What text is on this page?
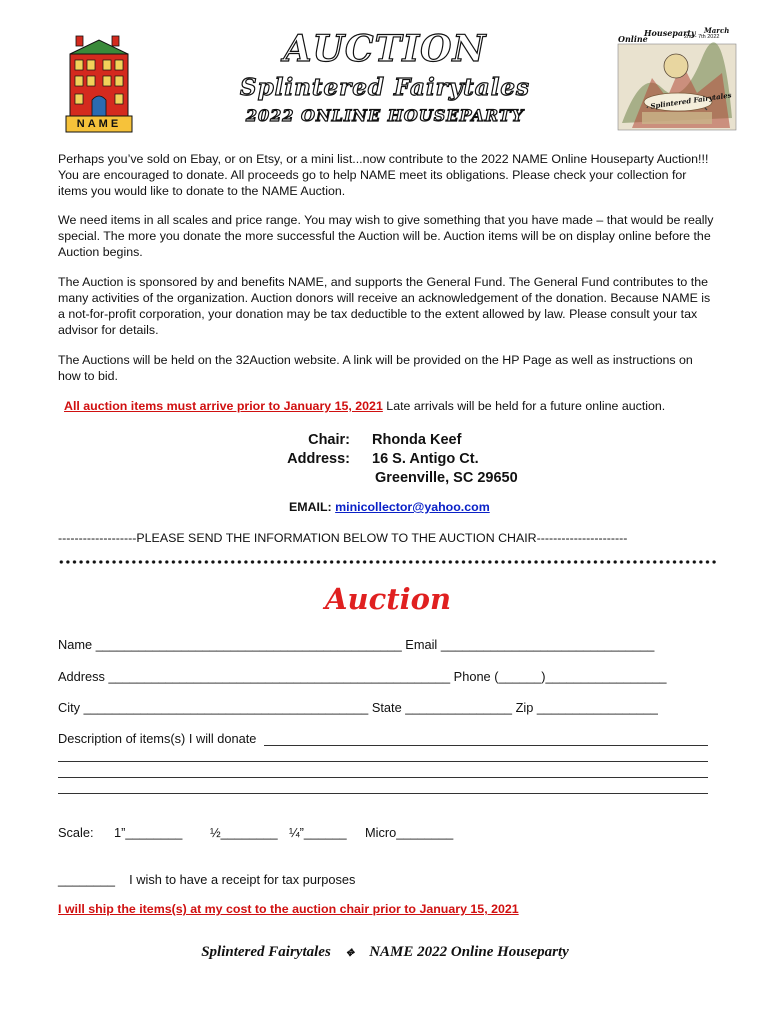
NAME
AUCTION
Splintered Fairytales
2022 ONLINE HOUSEPARTY
Online
Houseparty March
2nd - 7th 2022
Splintered Fairytales

Perhaps you’ve sold on Ebay, or on Etsy, or a mini list...now contribute to the 2022 NAME Online Houseparty Auction!!! You are encouraged to donate. All proceeds go to help NAME meet its obligations. Please check your collection for items you would like to donate to the NAME Auction.

We need items in all scales and price range. You may wish to give something that you have made – that would be really special. The more you donate the more successful the Auction will be. Auction items will be on display online before the Auction begins.

The Auction is sponsored by and benefits NAME, and supports the General Fund. The General Fund contributes to the many activities of the organization. Auction donors will receive an acknowledgement of the donation. Because NAME is a not-for-profit corporation, your donation may be tax deductible to the extent allowed by law. Please consult your tax advisor for details.

The Auctions will be held on the 32Auction website. A link will be provided on the HP Page as well as instructions on how to bid.

All auction items must arrive prior to January 15, 2021 Late arrivals will be held for a future online auction.
Chair:
Address:
Rhonda Keef
16 S. Antigo Ct.
Greenville, SC 29650
EMAIL: minicollector@yahoo.com
-------------------PLEASE SEND THE INFORMATION BELOW TO THE AUCTION CHAIR----------------------
Auction
Name ___________________________________________ Email ______________________________
Address ________________________________________________ Phone (______)_________________
City ________________________________________ State _______________ Zip _________________
Description of items(s) I will donate
Scale: 1”________ ½________ ¼”______ Micro________
________    I wish to have a receipt for tax purposes
I will ship the items(s) at my cost to the auction chair prior to January 15, 2021
Splintered Fairytales ✥ NAME 2022 Online Houseparty
